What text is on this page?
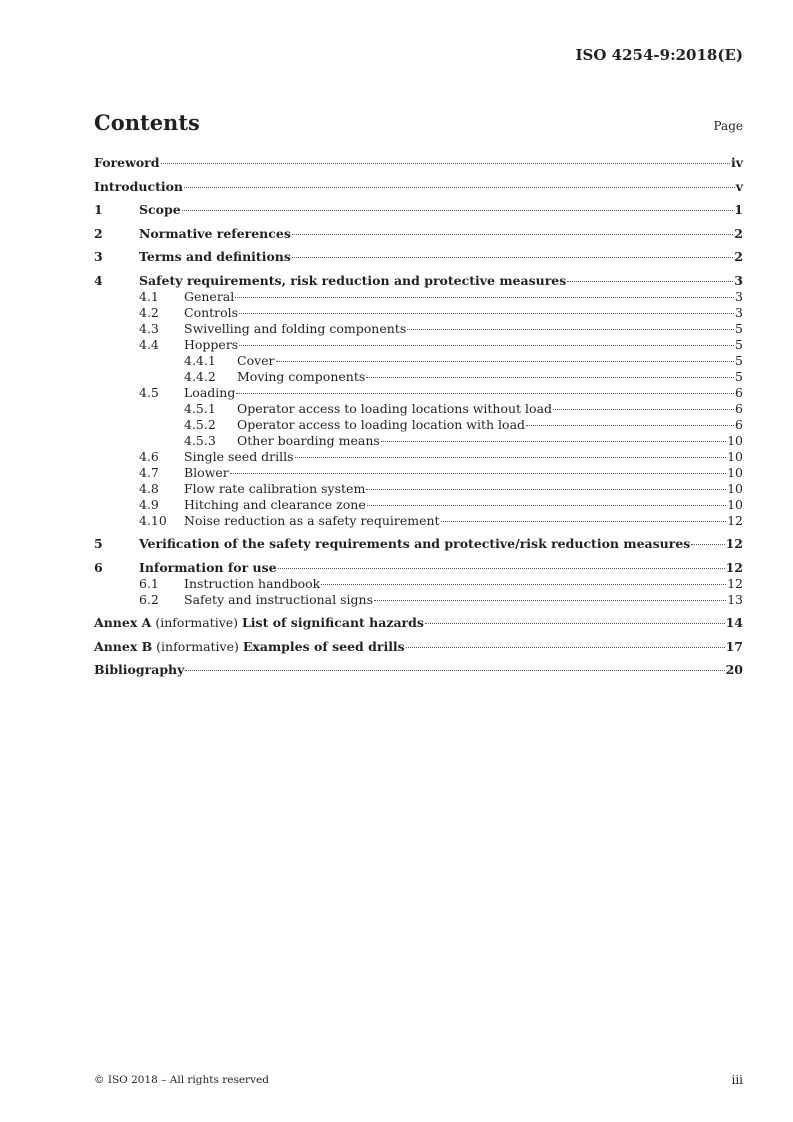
ISO 4254-9:2018(E)
Contents	Page
Foreword	iv
Introduction	v
1	Scope	1
2	Normative references	2
3	Terms and definitions	2
4	Safety requirements, risk reduction and protective measures	3
4.1	General	3
4.2	Controls	3
4.3	Swivelling and folding components	5
4.4	Hoppers	5
4.4.1	Cover	5
4.4.2	Moving components	5
4.5	Loading	6
4.5.1	Operator access to loading locations without load	6
4.5.2	Operator access to loading location with load	6
4.5.3	Other boarding means	10
4.6	Single seed drills	10
4.7	Blower	10
4.8	Flow rate calibration system	10
4.9	Hitching and clearance zone	10
4.10	Noise reduction as a safety requirement	12
5	Verification of the safety requirements and protective/risk reduction measures	12
6	Information for use	12
6.1	Instruction handbook	12
6.2	Safety and instructional signs	13
Annex A (informative) List of significant hazards	14
Annex B (informative) Examples of seed drills	17
Bibliography	20
© ISO 2018 – All rights reserved	iii
